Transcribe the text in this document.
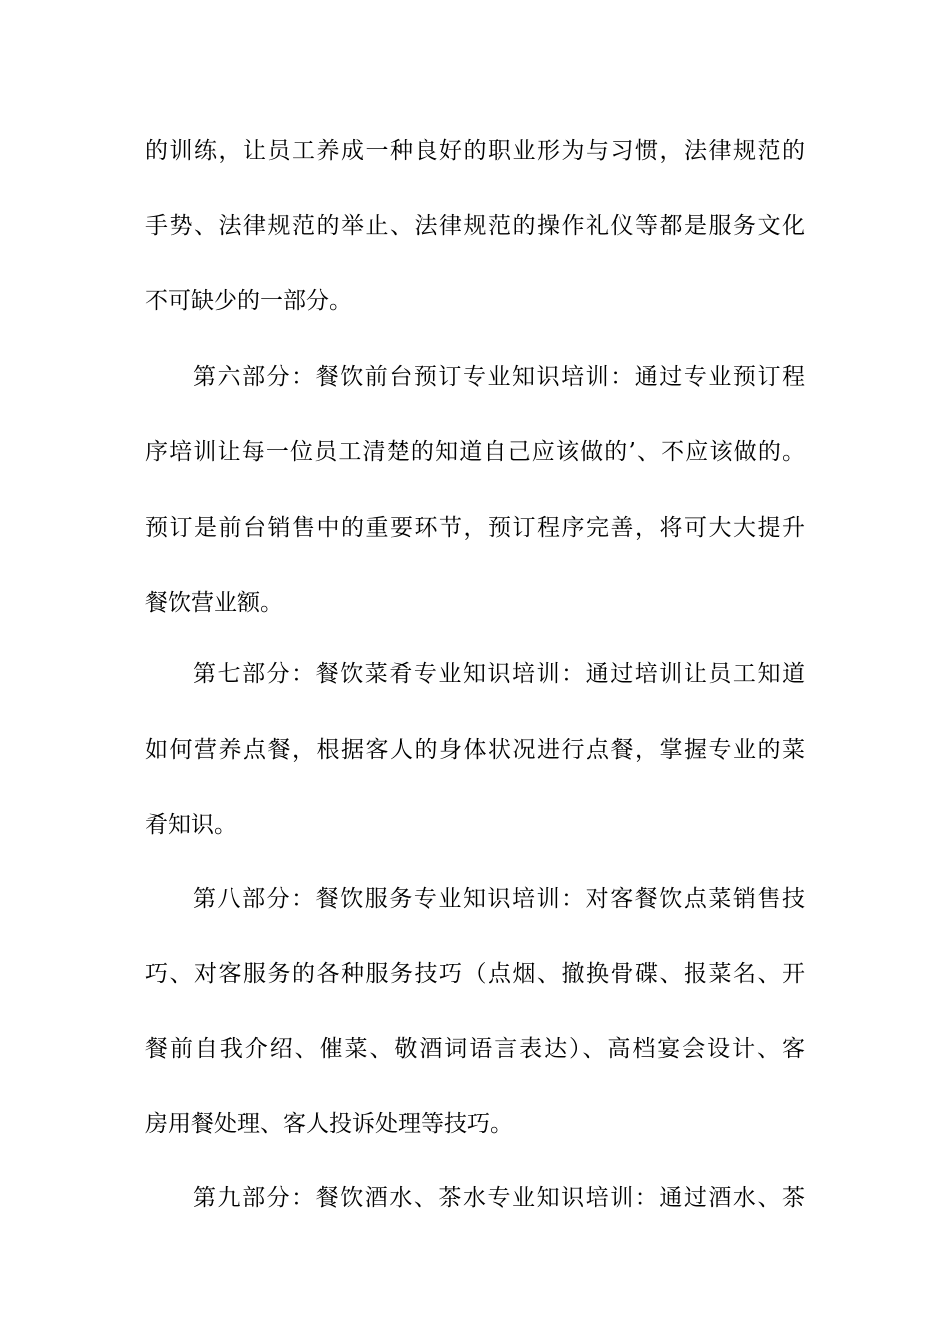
的训练，让员工养成一种良好的职业形为与习惯，法律规范的
手势、法律规范的举止、法律规范的操作礼仪等都是服务文化
不可缺少的一部分。
第六部分：餐饮前台预订专业知识培训：通过专业预订程
序培训让每一位员工清楚的知道自己应该做的’、不应该做的。
预订是前台销售中的重要环节，预订程序完善，将可大大提升
餐饮营业额。
第七部分：餐饮菜肴专业知识培训：通过培训让员工知道
如何营养点餐，根据客人的身体状况进行点餐，掌握专业的菜
肴知识。
第八部分：餐饮服务专业知识培训：对客餐饮点菜销售技
巧、对客服务的各种服务技巧（点烟、撤换骨碟、报菜名、开
餐前自我介绍、催菜、敬酒词语言表达）、高档宴会设计、客
房用餐处理、客人投诉处理等技巧。
第九部分：餐饮酒水、茶水专业知识培训：通过酒水、茶
